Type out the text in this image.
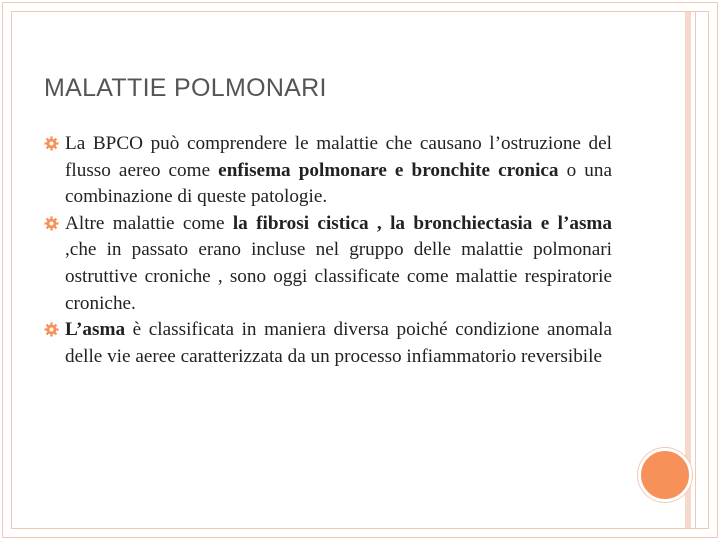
MALATTIE POLMONARI
La BPCO può comprendere le malattie che causano l’ostruzione del flusso aereo come enfisema polmonare e bronchite cronica o una combinazione di queste patologie.
Altre malattie come la fibrosi cistica , la bronchiectasia e l’asma ,che in passato erano incluse nel gruppo delle malattie polmonari ostruttive croniche , sono oggi classificate come malattie respiratorie croniche.
L’asma è classificata in maniera diversa poiché condizione anomala delle vie aeree caratterizzata da un processo infiammatorio reversibile
